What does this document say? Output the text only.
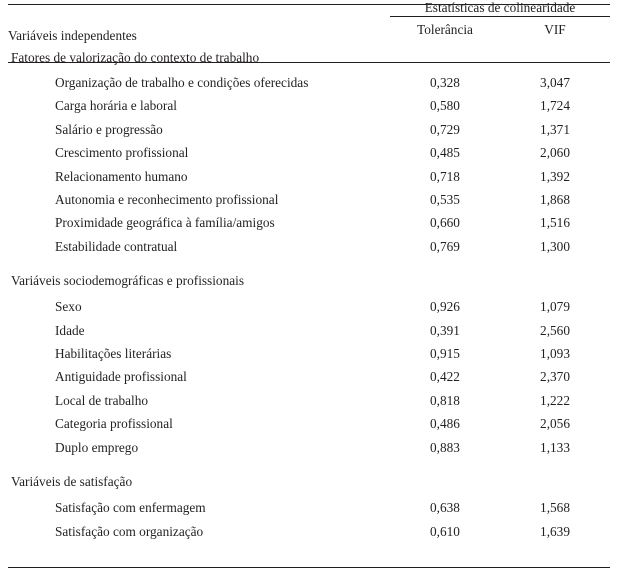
Variáveis independentes	Estatísticas de colinearidade	
	Tolerância	VIF
Fatores de valorização do contexto de trabalho		
Organização de trabalho e condições oferecidas	0,328	3,047
Carga horária e laboral	0,580	1,724
Salário e progressão	0,729	1,371
Crescimento profissional	0,485	2,060
Relacionamento humano	0,718	1,392
Autonomia e reconhecimento profissional	0,535	1,868
Proximidade geográfica à família/amigos	0,660	1,516
Estabilidade contratual	0,769	1,300

Variáveis sociodemográficas e profissionais		
Sexo	0,926	1,079
Idade	0,391	2,560
Habilitações literárias	0,915	1,093
Antiguidade profissional	0,422	2,370
Local de trabalho	0,818	1,222
Categoria profissional	0,486	2,056
Duplo emprego	0,883	1,133

Variáveis de satisfação		
Satisfação com enfermagem	0,638	1,568
Satisfação com organização	0,610	1,639
